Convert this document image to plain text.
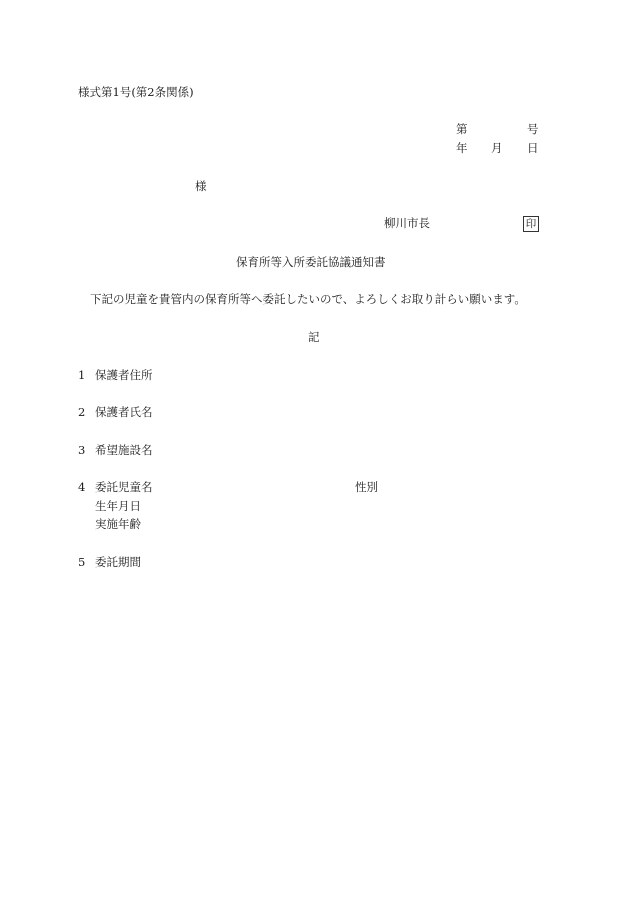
様式第1号(第2条関係)
第	号
年 月 日
様
柳川市長	印
保育所等入所委託協議通知書
下記の児童を貴管内の保育所等へ委託したいので、よろしくお取り計らい願います。
記
1 保護者住所
2 保護者氏名
3 希望施設名
4 委託児童名	性別
生年月日
実施年齢
5 委託期間
